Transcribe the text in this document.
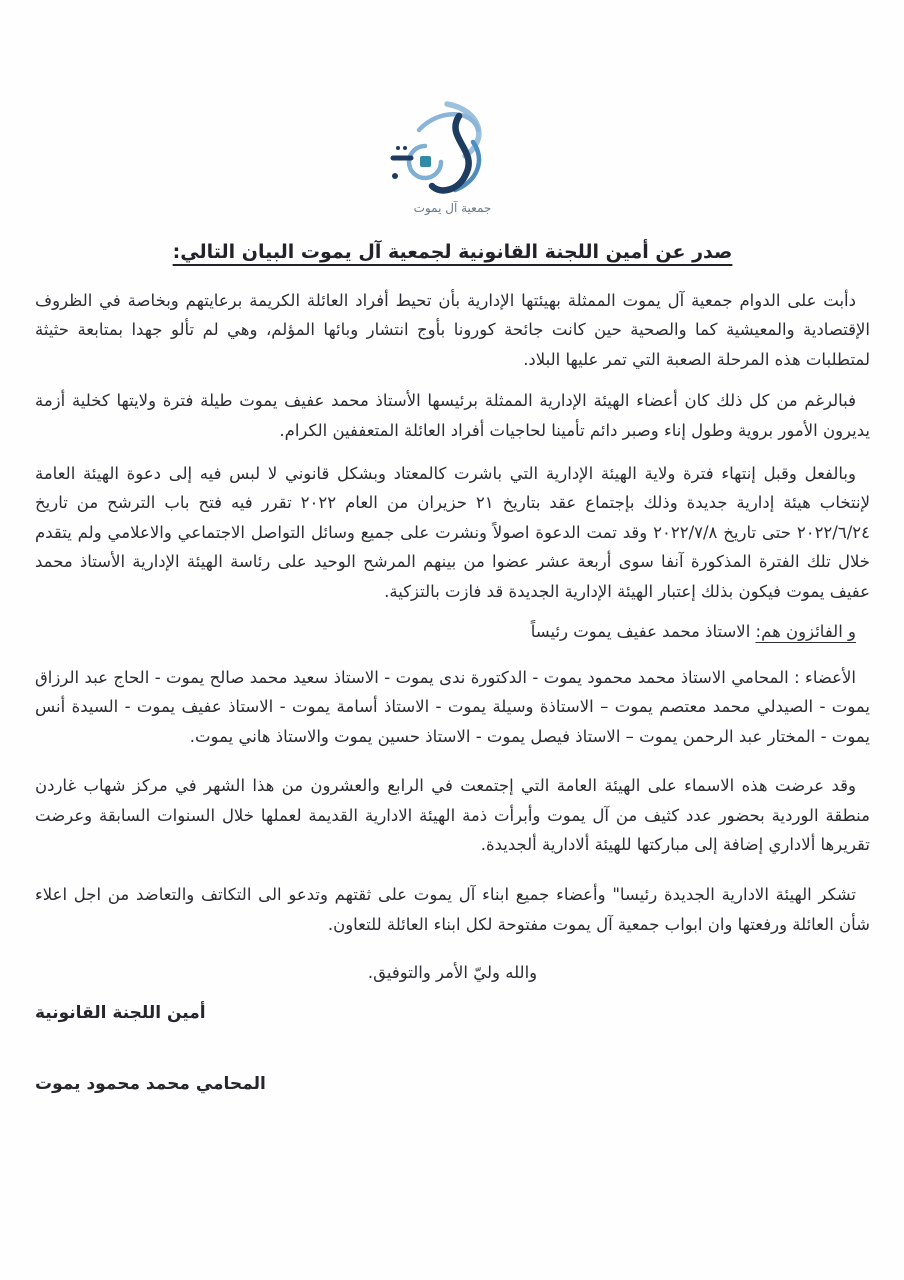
جمعية آل يموت
صدر عن أمين اللجنة القانونية لجمعية آل يموت البيان التالي:

دأبت على الدوام جمعية آل يموت الممثلة بهيئتها الإدارية بأن تحيط أفراد العائلة الكريمة برعايتهم وبخاصة في الظروف الإقتصادية والمعيشية كما والصحية حين كانت جائحة كورونا بأوج انتشار وبائها المؤلم، وهي لم تألو جهدا بمتابعة حثيثة لمتطلبات هذه المرحلة الصعبة التي تمر عليها البلاد.

فبالرغم من كل ذلك كان أعضاء الهيئة الإدارية الممثلة برئيسها الأستاذ محمد عفيف يموت طيلة فترة ولايتها كخلية أزمة يديرون الأمور بروية وطول إناء وصبر دائم تأمينا لحاجيات أفراد العائلة المتعففين الكرام.

وبالفعل وقبل إنتهاء فترة ولاية الهيئة الإدارية التي باشرت كالمعتاد وبشكل قانوني لا لبس فيه إلى دعوة الهيئة العامة لإنتخاب هيئة إدارية جديدة وذلك بإجتماع عقد بتاريخ ٢١ حزيران من العام ٢٠٢٢ تقرر فيه فتح باب الترشح من تاريخ ٢٠٢٢/٦/٢٤ حتى تاريخ ٢٠٢٢/٧/٨ وقد تمت الدعوة اصولاً ونشرت على جميع وسائل التواصل الاجتماعي والاعلامي ولم يتقدم خلال تلك الفترة المذكورة آنفا سوى أربعة عشر عضوا من بينهم المرشح الوحيد على رئاسة الهيئة الإدارية الأستاذ محمد عفيف يموت فيكون بذلك إعتبار الهيئة الإدارية الجديدة قد فازت بالتزكية.

و الفائزون هم: الاستاذ محمد عفيف يموت رئيساً

الأعضاء : المحامي الاستاذ محمد محمود يموت - الدكتورة ندى يموت - الاستاذ سعيد محمد صالح يموت - الحاج عبد الرزاق يموت - الصيدلي محمد معتصم يموت – الاستاذة وسيلة يموت - الاستاذ أسامة يموت - الاستاذ عفيف يموت - السيدة أنس يموت - المختار عبد الرحمن يموت – الاستاذ فيصل يموت - الاستاذ حسين يموت والاستاذ هاني يموت.

وقد عرضت هذه الاسماء على الهيئة العامة التي إجتمعت في الرابع والعشرون من هذا الشهر في مركز شهاب غاردن منطقة الوردية بحضور عدد كثيف من آل يموت وأبرأت ذمة الهيئة الادارية القديمة لعملها خلال السنوات السابقة وعرضت تقريرها ألاداري إضافة إلى مباركتها للهيئة ألادارية ألجديدة.

تشكر الهيئة الادارية الجديدة رئيسا" وأعضاء جميع ابناء آل يموت على ثقتهم وتدعو الى التكاتف والتعاضد من اجل اعلاء شأن العائلة ورفعتها وان ابواب جمعية آل يموت مفتوحة لكل ابناء العائلة للتعاون.

والله وليّ الأمر والتوفيق.

أمين اللجنة القانونية
المحامي محمد محمود يموت
